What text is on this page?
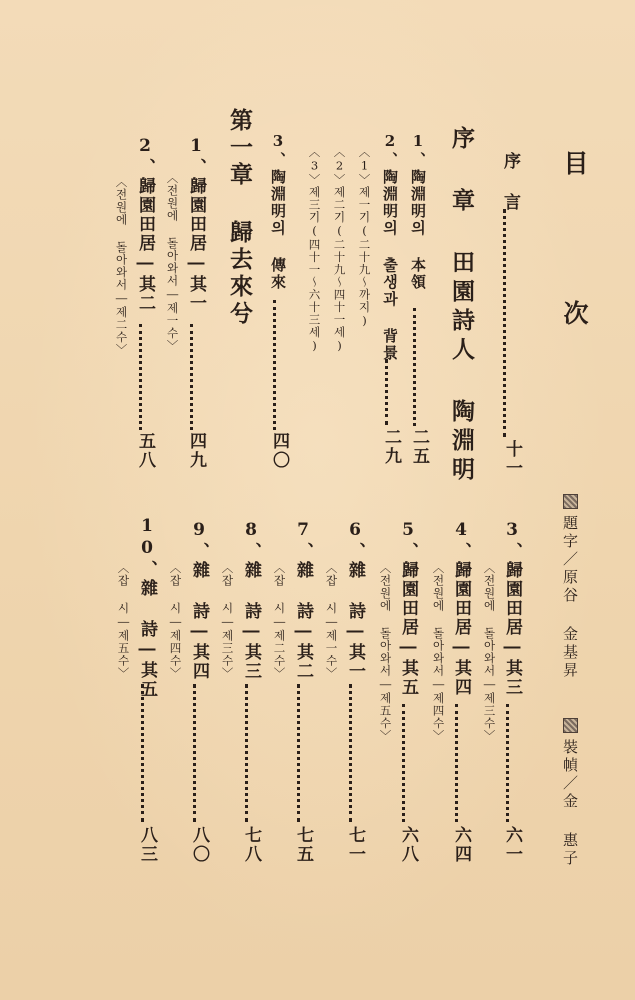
目 次
序 言
十一
序 章 田園詩人 陶淵明
1、陶淵明의 本領
二五
2、陶淵明의 출생과 背景
二九
〈1〉제一기(二十九〜까지)
〈2〉제二기(二十九〜四十一세)
〈3〉제三기(四十一〜六十三세)
3、陶淵明의 傳來
四〇
第一章 歸去來兮
1、歸園田居―其一
〈전원에 돌아와서―제一수〉
四九
2、歸園田居―其二
〈전원에 돌아와서―제二수〉
五八
題字／原谷 金基昇
裝幀／金 惠子
3、歸園田居―其三
〈전원에 돌아와서―제三수〉
六一
4、歸園田居―其四
〈전원에 돌아와서―제四수〉
六四
5、歸園田居―其五
〈전원에 돌아와서―제五수〉
六八
6、雜 詩―其一
〈잡 시―제一수〉
七一
7、雜 詩―其二
〈잡 시―제二수〉
七五
8、雜 詩―其三
〈잡 시―제三수〉
七八
9、雜 詩―其四
〈잡 시―제四수〉
八〇
10、雜 詩―其五
〈잡 시―제五수〉
八三
